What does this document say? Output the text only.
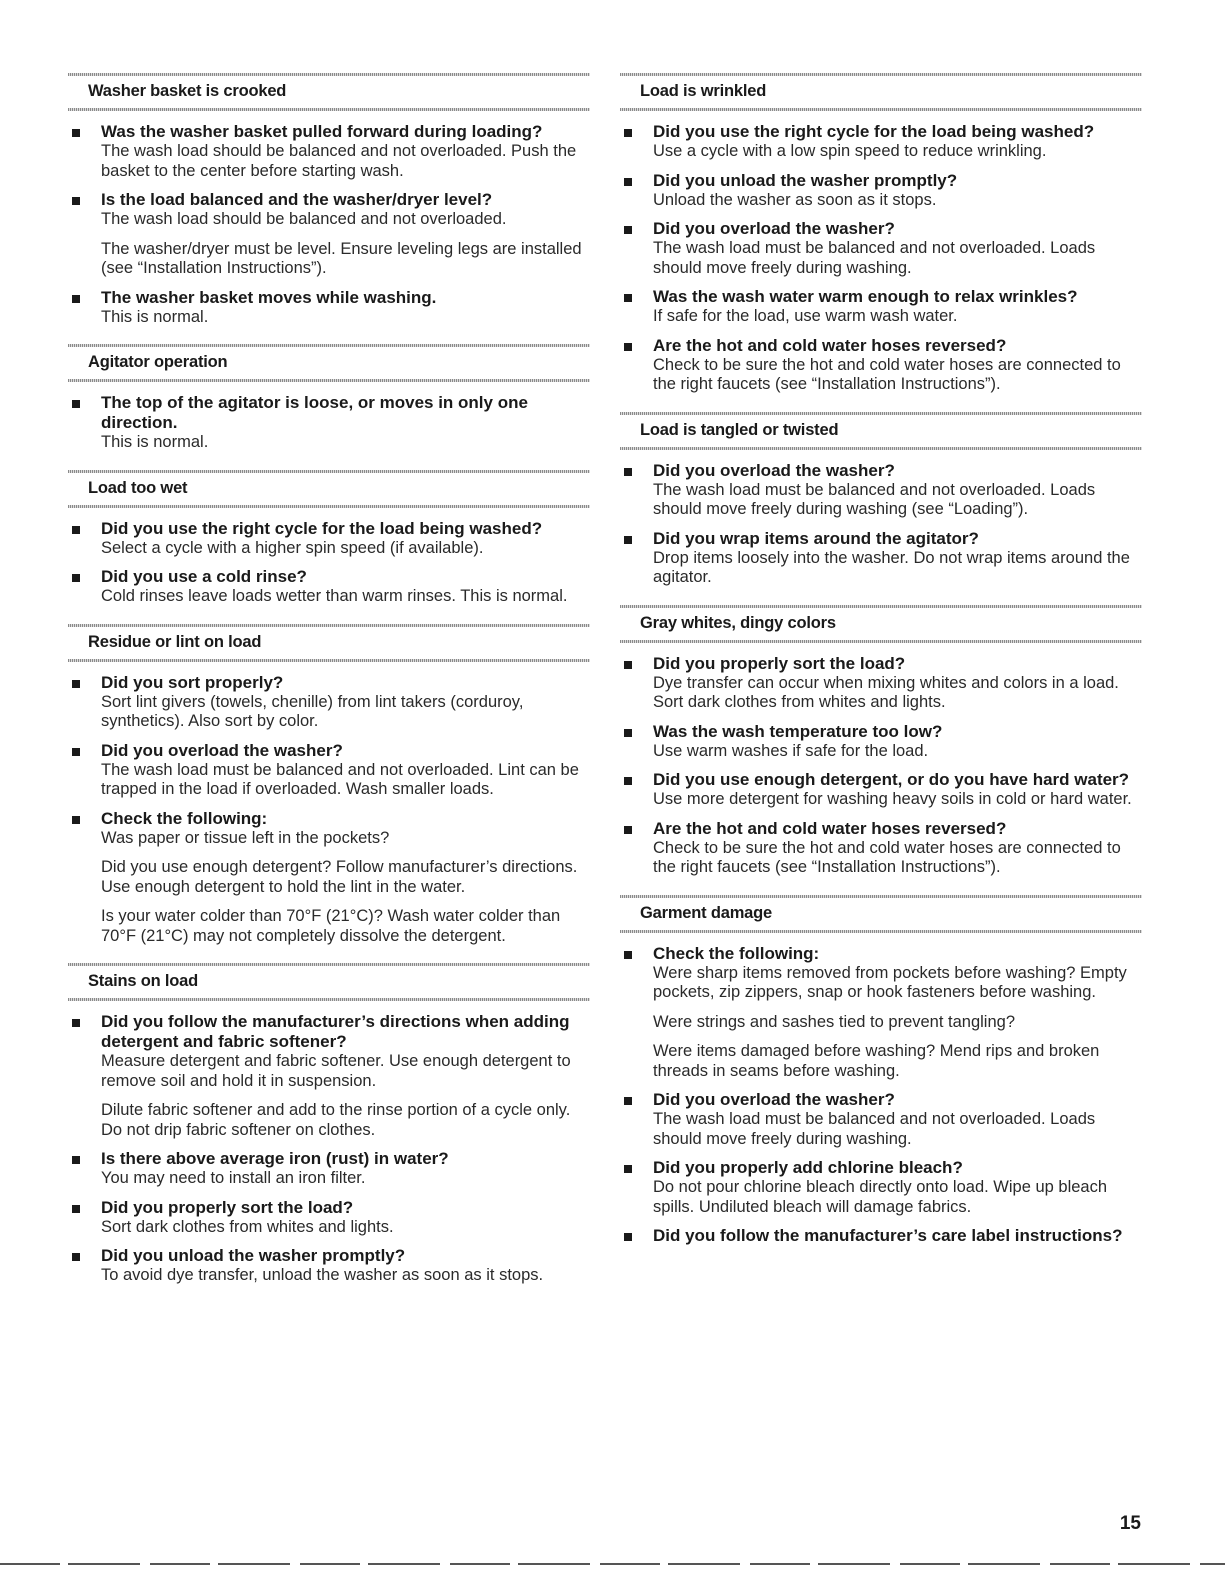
Washer basket is crooked
Was the washer basket pulled forward during loading?
The wash load should be balanced and not overloaded. Push the basket to the center before starting wash.
Is the load balanced and the washer/dryer level?
The wash load should be balanced and not overloaded.
The washer/dryer must be level. Ensure leveling legs are installed (see “Installation Instructions”).
The washer basket moves while washing.
This is normal.
Agitator operation
The top of the agitator is loose, or moves in only one direction.
This is normal.
Load too wet
Did you use the right cycle for the load being washed?
Select a cycle with a higher spin speed (if available).
Did you use a cold rinse?
Cold rinses leave loads wetter than warm rinses. This is normal.
Residue or lint on load
Did you sort properly?
Sort lint givers (towels, chenille) from lint takers (corduroy, synthetics). Also sort by color.
Did you overload the washer?
The wash load must be balanced and not overloaded. Lint can be trapped in the load if overloaded. Wash smaller loads.
Check the following:
Was paper or tissue left in the pockets?
Did you use enough detergent? Follow manufacturer’s directions. Use enough detergent to hold the lint in the water.
Is your water colder than 70°F (21°C)? Wash water colder than 70°F (21°C) may not completely dissolve the detergent.
Stains on load
Did you follow the manufacturer’s directions when adding detergent and fabric softener?
Measure detergent and fabric softener. Use enough detergent to remove soil and hold it in suspension.
Dilute fabric softener and add to the rinse portion of a cycle only. Do not drip fabric softener on clothes.
Is there above average iron (rust) in water?
You may need to install an iron filter.
Did you properly sort the load?
Sort dark clothes from whites and lights.
Did you unload the washer promptly?
To avoid dye transfer, unload the washer as soon as it stops.
Load is wrinkled
Did you use the right cycle for the load being washed?
Use a cycle with a low spin speed to reduce wrinkling.
Did you unload the washer promptly?
Unload the washer as soon as it stops.
Did you overload the washer?
The wash load must be balanced and not overloaded. Loads should move freely during washing.
Was the wash water warm enough to relax wrinkles?
If safe for the load, use warm wash water.
Are the hot and cold water hoses reversed?
Check to be sure the hot and cold water hoses are connected to the right faucets (see “Installation Instructions”).
Load is tangled or twisted
Did you overload the washer?
The wash load must be balanced and not overloaded. Loads should move freely during washing (see “Loading”).
Did you wrap items around the agitator?
Drop items loosely into the washer. Do not wrap items around the agitator.
Gray whites, dingy colors
Did you properly sort the load?
Dye transfer can occur when mixing whites and colors in a load. Sort dark clothes from whites and lights.
Was the wash temperature too low?
Use warm washes if safe for the load.
Did you use enough detergent, or do you have hard water?
Use more detergent for washing heavy soils in cold or hard water.
Are the hot and cold water hoses reversed?
Check to be sure the hot and cold water hoses are connected to the right faucets (see “Installation Instructions”).
Garment damage
Check the following:
Were sharp items removed from pockets before washing? Empty pockets, zip zippers, snap or hook fasteners before washing.
Were strings and sashes tied to prevent tangling?
Were items damaged before washing? Mend rips and broken threads in seams before washing.
Did you overload the washer?
The wash load must be balanced and not overloaded. Loads should move freely during washing.
Did you properly add chlorine bleach?
Do not pour chlorine bleach directly onto load. Wipe up bleach spills. Undiluted bleach will damage fabrics.
Did you follow the manufacturer’s care label instructions?
15
